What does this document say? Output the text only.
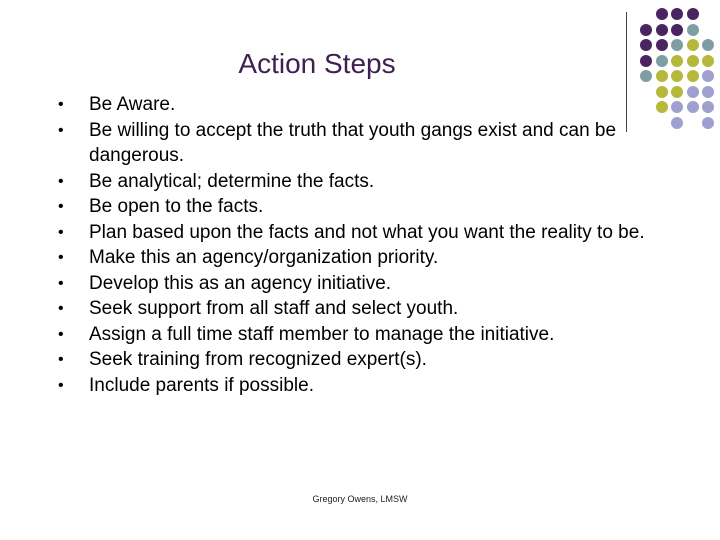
Action Steps
•	Be Aware.
•	Be willing to accept the truth that youth gangs exist and can be dangerous.
•	Be analytical; determine the facts.
•	Be open to the facts.
•	Plan based upon the facts and not what you want the reality to be.
•	Make this an agency/organization priority.
•	Develop this as an agency initiative.
•	Seek support from all staff and select youth.
•	Assign a full time staff member to manage the initiative.
•	Seek training from recognized expert(s).
•	Include parents if possible.
Gregory Owens, LMSW
